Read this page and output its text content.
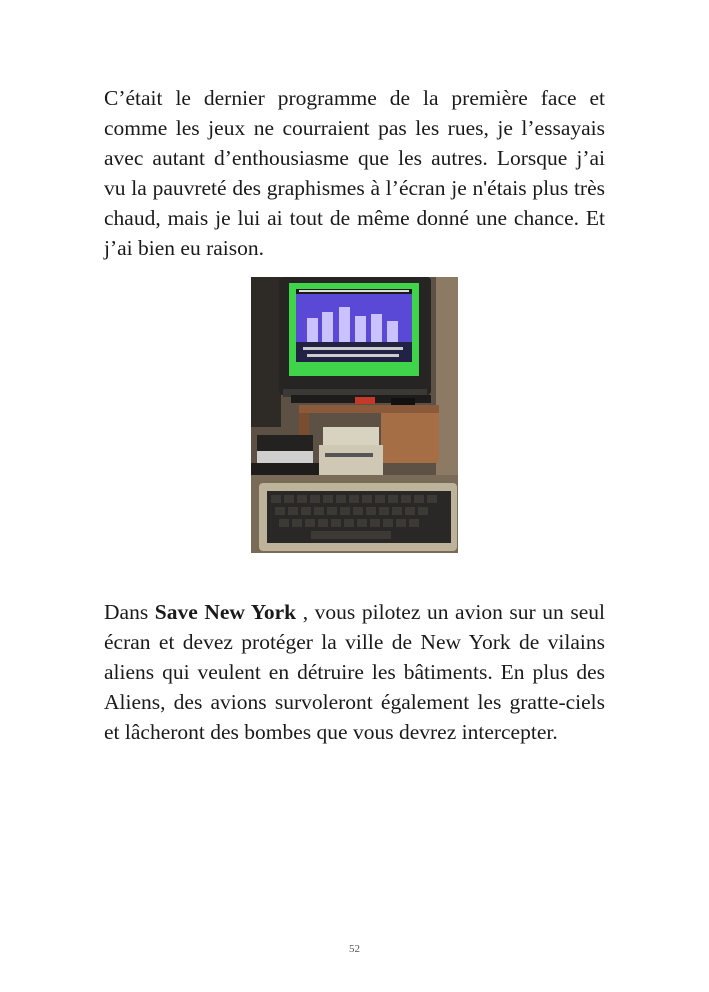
C’était le dernier programme de la première face et comme les jeux ne courraient pas les rues, je l’essayais avec autant d’enthousiasme que les autres. Lorsque j’ai vu la pauvreté des graphismes à l’écran je n'étais plus très chaud, mais je lui ai tout de même donné une chance. Et j’ai bien eu raison.

Dans Save New York , vous pilotez un avion sur un seul écran et devez protéger la ville de New York de vilains aliens qui veulent en détruire les bâtiments. En plus des Aliens, des avions survoleront également les gratte-ciels et lâcheront des bombes que vous devrez intercepter.

52
